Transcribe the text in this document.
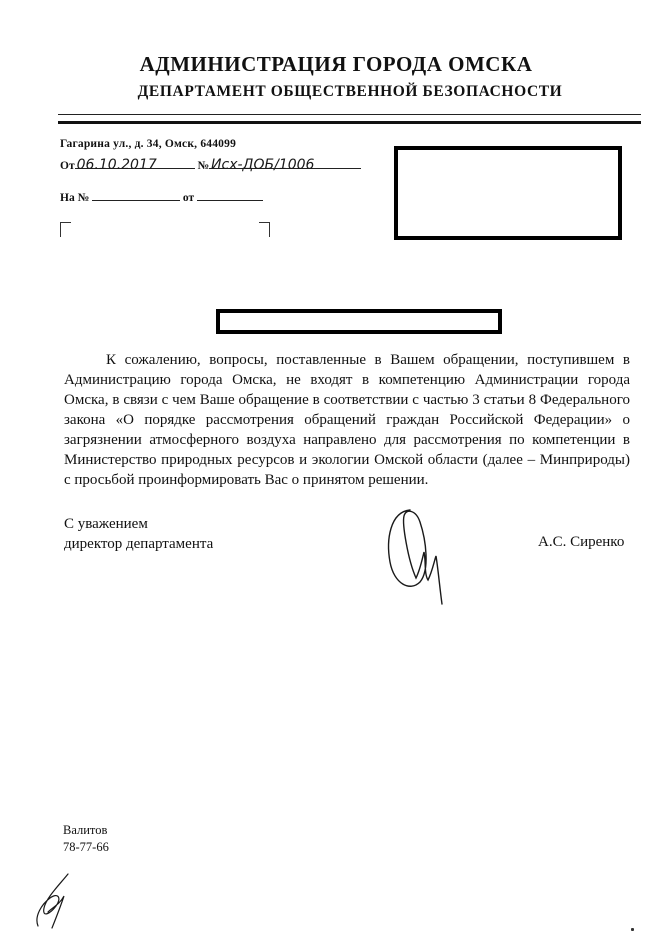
АДМИНИСТРАЦИЯ ГОРОДА ОМСКА
ДЕПАРТАМЕНТ ОБЩЕСТВЕННОЙ БЕЗОПАСНОСТИ
Гагарина ул., д. 34, Омск, 644099
От 06.10.2017	№ Исх-ДОБ/1006
На №	от
К сожалению, вопросы, поставленные в Вашем обращении, поступившем в Администрацию города Омска, не входят в компетенцию Администрации города Омска, в связи с чем Ваше обращение в соответствии с частью 3 статьи 8 Федерального закона «О порядке рассмотрения обращений граждан Российской Федерации» о загрязнении атмосферного воздуха направлено для рассмотрения по компетенции в Министерство природных ресурсов и экологии Омской области (далее – Минприроды) с просьбой проинформировать Вас о принятом решении.
С уважением
директор департамента	А.С. Сиренко
Валитов
78-77-66
